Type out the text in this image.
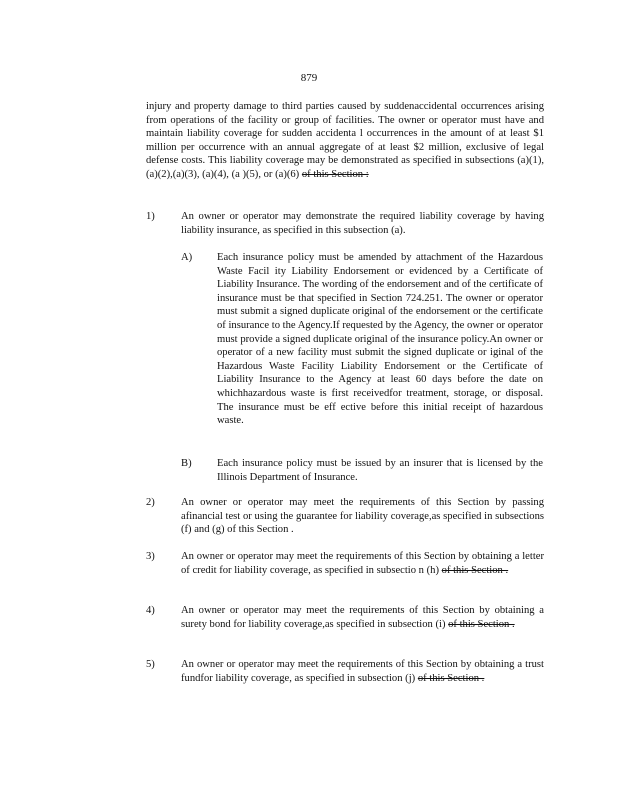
879
injury and property damage to third parties caused by suddenaccidental occurrences arising from operations of the facility or group of facilities. The owner or operator must have and maintain liability coverage for sudden accidenta l occurrences in the amount of at least $1 million per occurrence with an annual aggregate of at least $2 million, exclusive of legal defense costs. This liability coverage may be demonstrated as specified in subsections (a)(1), (a)(2),(a)(3), (a)(4), (a )(5), or (a)(6) of this Section :
1) An owner or operator may demonstrate the required liability coverage by having liability insurance, as specified in this subsection (a).
A) Each insurance policy must be amended by attachment of the Hazardous Waste Facil ity Liability Endorsement or evidenced by a Certificate of Liability Insurance. The wording of the endorsement and of the certificate of insurance must be that specified in Section 724.251. The owner or operator must submit a signed duplicate original of the endorsement or the certificate of insurance to the Agency.If requested by the Agency, the owner or operator must provide a signed duplicate original of the insurance policy.An owner or operator of a new facility must submit the signed duplicate or iginal of the Hazardous Waste Facility Liability Endorsement or the Certificate of Liability Insurance to the Agency at least 60 days before the date on whichhazardous waste is first receivedfor treatment, storage, or disposal. The insurance must be eff ective before this initial receipt of hazardous waste.
B) Each insurance policy must be issued by an insurer that is licensed by the Illinois Department of Insurance.
2) An owner or operator may meet the requirements of this Section by passing afinancial test or using the guarantee for liability coverage,as specified in subsections (f) and (g) of this Section .
3) An owner or operator may meet the requirements of this Section by obtaining a letter of credit for liability coverage, as specified in subsectio n (h) of this Section .
4) An owner or operator may meet the requirements of this Section by obtaining a surety bond for liability coverage,as specified in subsection (i) of this Section .
5) An owner or operator may meet the requirements of this Section by obtaining a trust fundfor liability coverage, as specified in subsection (j) of this Section .
